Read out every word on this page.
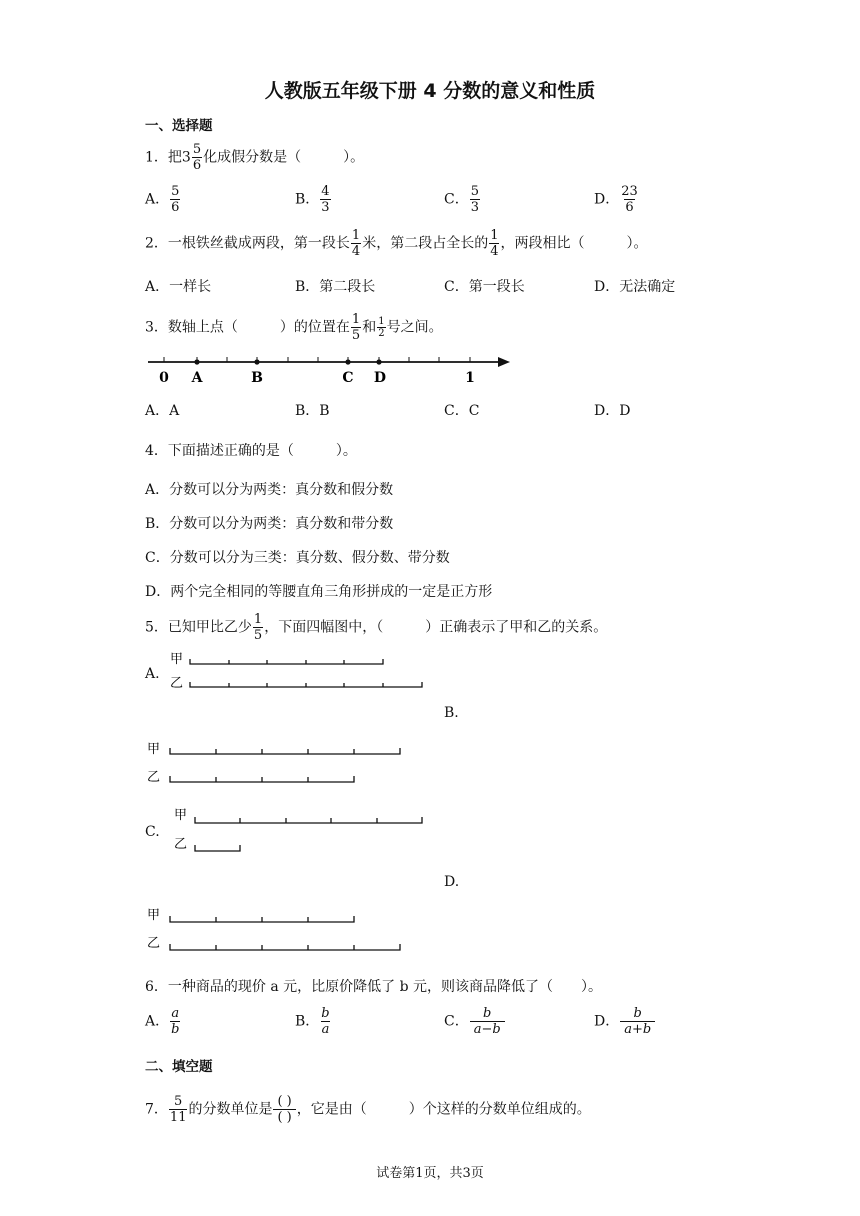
人教版五年级下册 4 分数的意义和性质
一、选择题
1．把$3 \frac{5}{6}$ 化成假分数是（　　　）。
A． $\frac{5}{6}$	B． $\frac{4}{3}$	C． $\frac{5}{3}$	D． $\frac{23}{6}$
2．一根铁丝截成两段，第一段长 $\frac{1}{4}$ 米，第二段占全长的 $\frac{1}{4}$ ，两段相比（　　　）。
A．一样长	B．第二段长	C．第一段长	D．无法确定
3．数轴上点（　　　）的位置在 $\frac{1}{5}$ 和 $\frac{1}{2}$ 号之间。
0 A	B	C D	1
A．A	B．B	C．C	D．D
4．下面描述正确的是（　　　）。
A．分数可以分为两类：真分数和假分数
B．分数可以分为两类：真分数和带分数
C．分数可以分为三类：真分数、假分数、带分数
D．两个完全相同的等腰直角三角形拼成的一定是正方形
5．已知甲比乙少 $\frac{1}{5}$ ，下面四幅图中，（　　　）正确表示了甲和乙的关系。
A.
甲
乙
B.
甲
乙
C.
甲
乙
D.
甲
乙
6．一种商品的现价 a 元，比原价降低了 b 元，则该商品降低了（　　）。
A． $\frac{a}{b}$	B． $\frac{b}{a}$	C． $\frac{b}{a-b}$	D． $\frac{b}{a+b}$
二、填空题
7． $\frac{5}{11}$ 的分数单位是 $\frac{( )}{( )}$ ，它是由（　　　）个这样的分数单位组成的。
试卷第1页，共3页
